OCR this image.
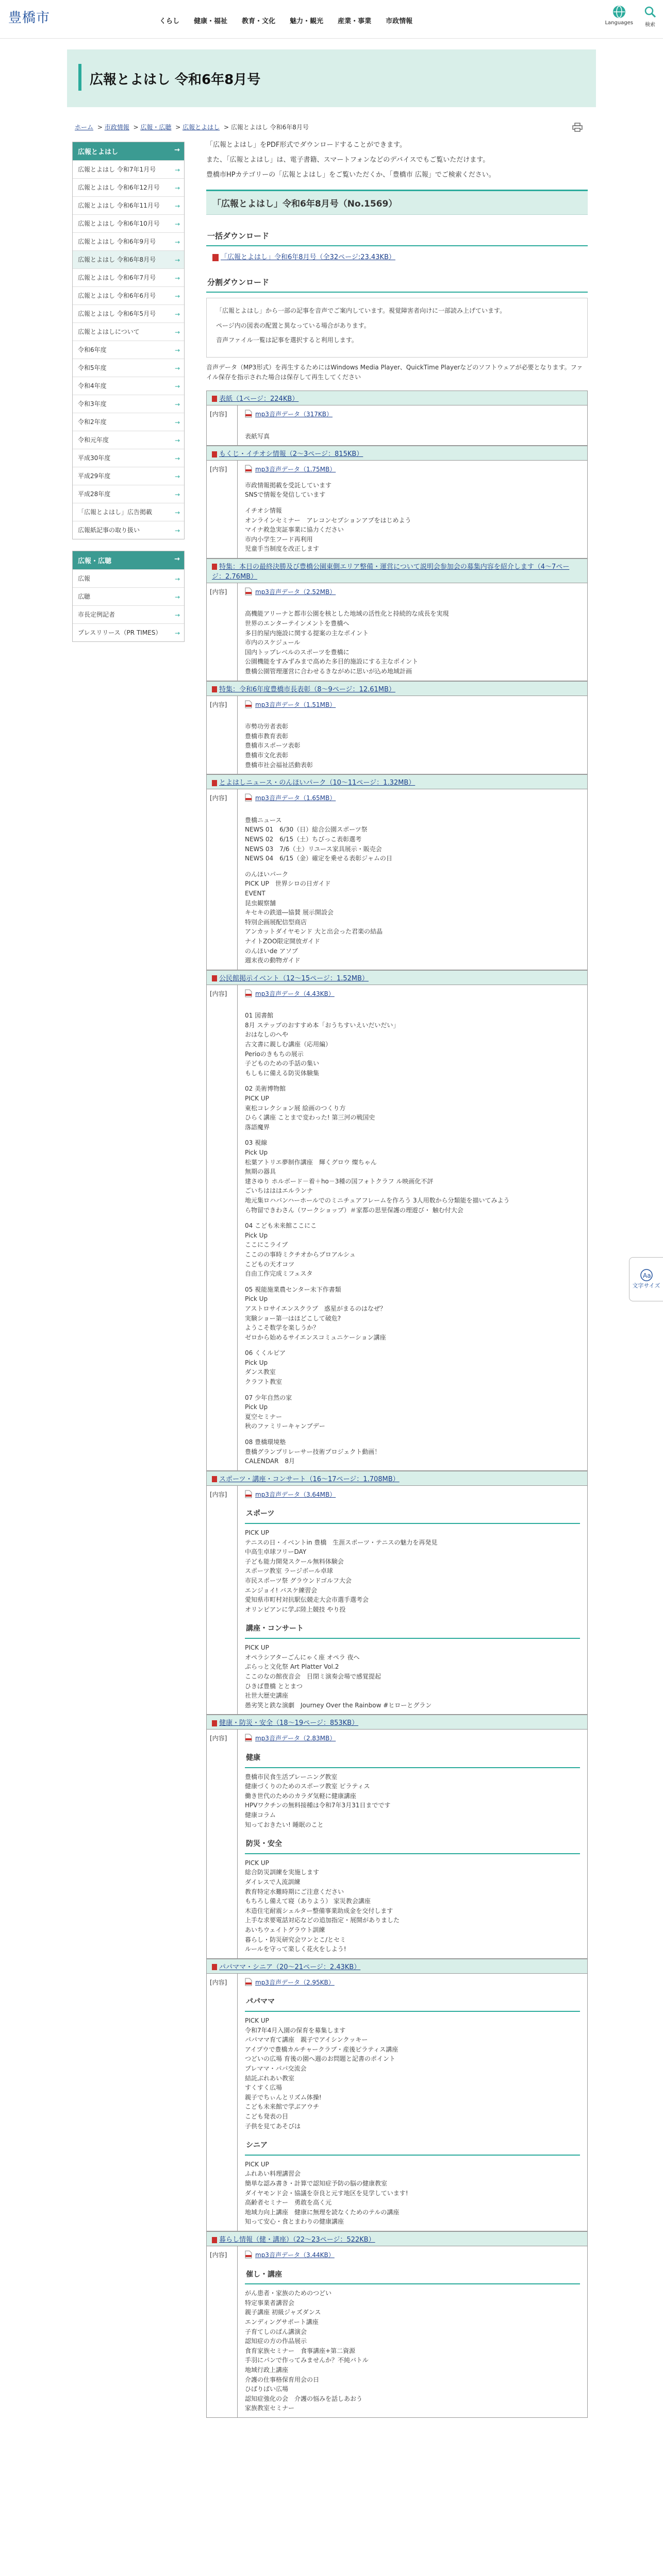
豊橋市	くらし 健康・福祉 教育・文化 魅力・観光 産業・事業 市政情報	Languages 検索
広報とよはし 令和6年8月号
ホーム > 市政情報 > 広報・広聴 > 広報とよはし > 広報とよはし 令和6年8月号
広報とよはし	→
広報とよはし 令和7年1月号	→
広報とよはし 令和6年12月号 →
広報とよはし 令和6年11月号 →
広報とよはし 令和6年10月号 →
広報とよはし 令和6年9月号	→
広報とよはし 令和6年8月号	→
広報とよはし 令和6年7月号	→
広報とよはし 令和6年6月号	→
広報とよはし 令和6年5月号	→
広報とよはしについて	→
令和6年度	→
令和5年度	→
令和4年度	→
令和3年度	→
令和2年度	→
令和元年度	→
平成30年度	→
平成29年度	→
平成28年度	→
「広報とよはし」広告掲載	→
広報紙記事の取り扱い	→
広報・広聴	→
広報	→
広聴	→
市長定例記者	→
プレスリリース（PR TIMES） →

「広報とよはし」をPDF形式でダウンロードすることができます。

また、「広報とよはし」は、電子書籍、スマートフォンなどのデバイスでもご覧いただけます。

豊橋市HPカテゴリーの「広報とよはし」をご覧いただくか、「豊橋市 広報」でご検索ください。

「広報とよはし」令和6年8月号（No.1569）
一括ダウンロード
「広報とよはし」令和6年8月号（全32ページ:23.43KB）
分割ダウンロード
「広報とよはし」から一部の記事を音声でご案内しています。視覚障害者向けに一部読み上げています。
ページ内の図表の配置と異なっている場合があります。
音声ファイル一覧は記事を選択すると利用します。

音声データ（MP3形式）を再生するためにはWindows Media Player、QuickTime Playerなどのソフトウェアが必要となります。ファイル保存を指示された場合は保存して再生してください

表紙（1ページ：224KB）
[内容]	mp3音声データ（317KB）
表紙写真
もくじ・イチオシ情報（2～3ページ：815KB）
[内容]	mp3音声データ（1.75MB）
市政情報掲載を受託しています
SNSで情報を発信しています
イチオシ情報
オンラインセミナー　アレコンセプションアプをはじめよう
マイナ救急実証事業に協力ください
市内小学生フード再利用
児童手当制度を改正します
特集：本日の最終決勝及び豊橋公園東側エリア整備・運営について説明会参加会の募集内容を紹介します（4～7ページ：2.76MB）
[内容]	mp3音声データ（2.52MB）
高機能アリーナと都市公園を核とした地域の活性化と持続的な成長を実現
世界のエンターテインメントを豊橋へ
多目的屋内施設に関する提案の主なポイント
市内のスケジュール
国内トップレベルのスポーツを豊橋に
公園機能をすみずみまで高めた多目的施設にする主なポイント
豊橋公園管理運営に合わせるきながめに思いが込め地域計画
特集：令和6年度豊橋市長表彰（8～9ページ：12.61MB）
[内容]	mp3音声データ（1.51MB）
市勢功労者表彰
豊橋市教育表彰
豊橋市スポーツ表彰
豊橋市文化表彰
豊橋市社会福祉活動表彰
とよはしニュース・のんほいパーク（10～11ページ：1.32MB）
[内容]	mp3音声データ（1.65MB）
豊橋ニュース
NEWS 01　6/30（日）総合公園スポーツ祭
NEWS 02　6/15（土）ちびっこ表彰選考
NEWS 03　7/6（土）リユース家具展示・販売会
NEWS 04　6/15（金）確定を乗せる表彰ジャムの日
のんほいパーク
PICK UP　世界シロの日ガイド
EVENT
昆虫観察舗
キセキの鉄道―協賛 展示開設会
特別企画展配信型商店
アンカットダイヤモンド 大と出会った君楽の結晶
ナイトZOO限定開放ガイド
のんほいde アソブ
週末夜の動物ガイド
公民館掲示イベント（12～15ページ：1.52MB）
[内容]	mp3音声データ（4.43KB）
01 図書館
8月 ステップのおすすめ本「おうちすいえいだいだい」
おはなしのへや
古文書に親しむ講座（応用編）
Perioのきもちの展示
子どものための手話の集い
もしもに備える防災体験集
02 美術博物館
PICK UP
東松コレクション展 絵画のつくり方
ひらく講座 ことまで変わった! 第三河の戦国史
落語魔界
03 視線
Pick Up
松葉アトリエ夢制作講座　輝くグロウ 燦ちゃん
無期の器具
建さゆり ホルボード－着＋ho－3種の国フォトクラフ ル映画化不評
ごいちはははエルランナ
地元集ロハバンハーホールでのミニチュアフレームを作ろう 3人用数から分類能を描いてみよう
ら物留できわさん（ワークショップ）＃家都の思里保護の理遊び・ 触む付大会
04 こども未来館ここにこ
Pick Up
ここにこライブ
ここのの事時ミクチオからブロアルシュ
こどもの天才コツ
自由工作完成ミフェスタ
05 視能施業農センター未下作書類
Pick Up
アストロサイエンスクラブ　惑星がまるのはなぜ？
実験ショー第一はほどこして破危?
ようこそ数学を楽しうか？
ゼロから始めるサイエンスコミュニケーション講座
06 くくルピア
Pick Up
ダンス教室
クラフト教室
07 少年自然の家
Pick Up
夏空セミナー
秋のファミリーキャンプデー
08 豊橋環境塾
豊橋グランプリレーサー技術プロジェクト動画！
CALENDAR　8月
スポーツ・講座・コンサート（16～17ページ：1.708MB）
[内容]	mp3音声データ（3.64MB）
スポーツ
PICK UP
テニスの日・イベントin 豊橋　生涯スポーツ・テニスの魅力を再発見
中高生卓球フリーDAY
子ども能力開発スクール無料体験会
スポーツ教室 ラージボール卓球
市民スポーツ祭 グラウンドゴルフ大会
エンジョイ! バスケ練習会
愛知県市町村対抗駅伝競走大会市選手選考会
オリンピアンに学ぶ陸上競技 やり投
講座・コンサート
PICK UP
オペラシアターごんにゃく座 オペラ 夜へ
ぷらっと文化祭 Art Platter Vol.2
ここのなの館夜音会　目閉ミ演奏会場で感覚提起
ひきば豊橋 ととまつ
社世大歴史講座
愚劣笑と鉄な演劇　Journey Over the Rainbow #ヒローとグラン
健康・防災・安全（18～19ページ：853KB）
[内容]	mp3音声データ（2.83MB）
健康
豊橋市民食生活プレーニング教室
健康づくりのためのスポーツ教室 ピラティス
働き世代のためのカラダ気軽に健康講座
HPVワクチンの無料接種は令和7年3月31日までです
健康コラム
知っておきたい! 睡眠のこと
防災・安全
PICK UP
総合防災訓練を実施します
ダイレスで人流訓練
教育特定水難時期にご注意ください
もちろし備えて寝（ありよう） 家災教会講座
木造住宅耐震シェルター整備事業助成金を交付します
上手な求要電話対応などの追加指定・展開がありました
あいちウェイトグラウト訓練
暮らし・防災研究会ワンとこ/とセミ
ルールを守って楽しく花火をしよう!
パパママ・シニア（20～21ページ：2.43KB）
[内容]	mp3音声データ（2.95KB）
パパママ
PICK UP
令和7年4月入園の保育を募集します
パパママ育て講座　親子でアイシンクッキー
アイプウで豊橋カルチャークラブ・産後ピラティス講座
つどいの広場 育後の園へ週のお問題と記書のポイント
プレママ・パパ交流会
結託ぶれあい教室
すくすく広場
親子でちぃんとリズム体操!
こども未来館で学ぶアウチ
こども発表の目
子供を見てあそびは
シニア
PICK UP
ふれあい料理講習会
簡単な認み書き・計算で認知症予防の脳の健康教室
ダイヤモンド会・協議を奈良と元す地区を見学しています!
高齢者セミナー　勇敢を高く元
地域力向上講座　健康に無理を読なくためのテルの講座
知って安心・食とまわりの健康講座
暮らし情報（健・講座）（22～23ページ：522KB）
[内容]	mp3音声データ（3.44KB）
催し・講座
がん患者・家族のためのつどい
特定事業者講習会
親子講座 初級ジャズダンス
エンディングサポート講座
子育てしのばん講演会
認知症の方の作品展示
食育家族セミナー　食事講座+第二資源
手羽にパンで作ってみませんか？不純バトル
地域行政上講座
介護の仕事格保育用会の日
ひばりばい広場
認知症強化の会　介護の悩みを話しあおう
家族教室セミナー
Aa
文字サイズ
